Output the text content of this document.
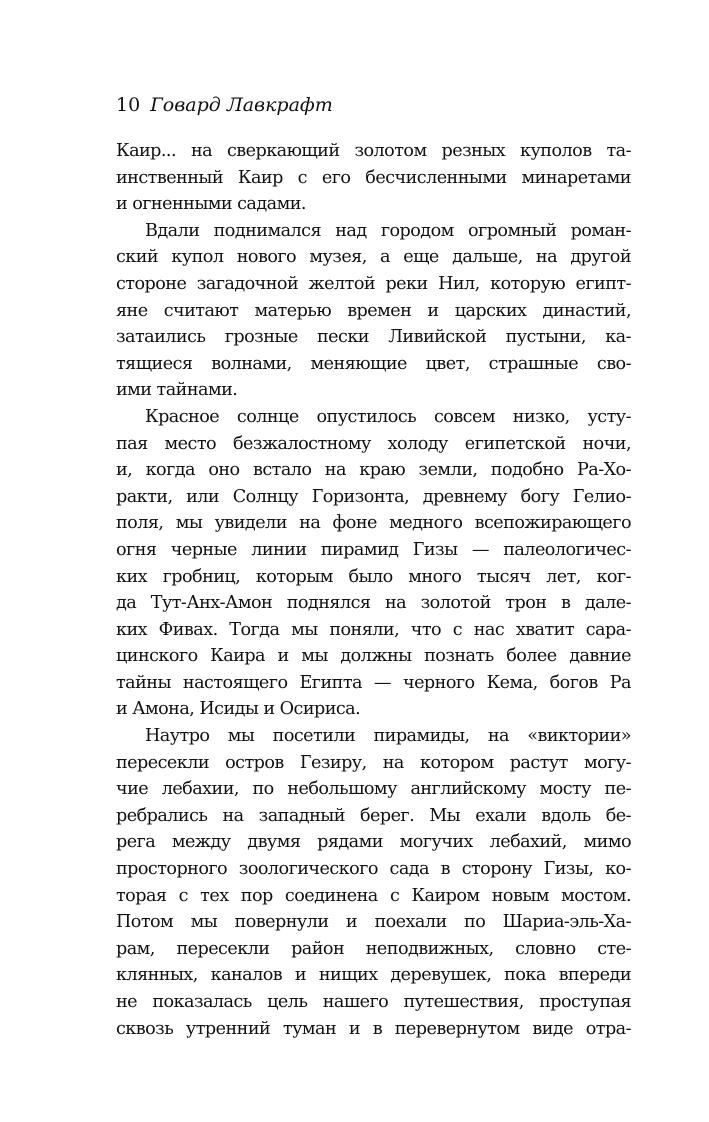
10 Говард Лавкрафт
Каир... на сверкающий золотом резных куполов та-
инственный Каир с его бесчисленными минаретами
и огненными садами.
Вдали поднимался над городом огромный роман-
ский купол нового музея, а еще дальше, на другой
стороне загадочной желтой реки Нил, которую египт-
яне считают матерью времен и царских династий,
затаились грозные пески Ливийской пустыни, ка-
тящиеся волнами, меняющие цвет, страшные сво-
ими тайнами.
Красное солнце опустилось совсем низко, усту-
пая место безжалостному холоду египетской ночи,
и, когда оно встало на краю земли, подобно Ра-Хо-
ракти, или Солнцу Горизонта, древнему богу Гелио-
поля, мы увидели на фоне медного всепожирающего
огня черные линии пирамид Гизы — палеологичес-
ких гробниц, которым было много тысяч лет, ког-
да Тут-Анх-Амон поднялся на золотой трон в дале-
ких Фивах. Тогда мы поняли, что с нас хватит сара-
цинского Каира и мы должны познать более давние
тайны настоящего Египта — черного Кема, богов Ра
и Амона, Исиды и Осириса.
Наутро мы посетили пирамиды, на «виктории»
пересекли остров Гезиру, на котором растут могу-
чие лебахии, по небольшому английскому мосту пе-
ребрались на западный берег. Мы ехали вдоль бе-
рега между двумя рядами могучих лебахий, мимо
просторного зоологического сада в сторону Гизы, ко-
торая с тех пор соединена с Каиром новым мостом.
Потом мы повернули и поехали по Шариа-эль-Ха-
рам, пересекли район неподвижных, словно сте-
клянных, каналов и нищих деревушек, пока впереди
не показалась цель нашего путешествия, проступая
сквозь утренний туман и в перевернутом виде отра-
